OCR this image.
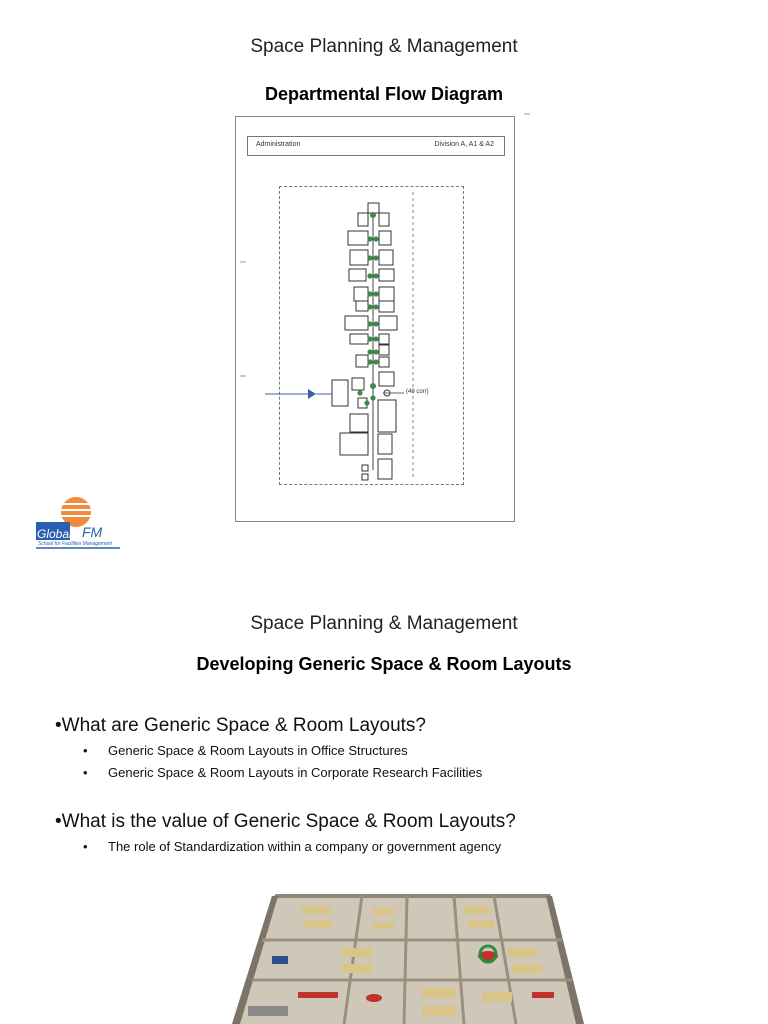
Space Planning & Management
Departmental Flow Diagram
Administration	Division A, A1 & A2
(40 corr)
Global FM
School for Facilities Management
Space Planning & Management
Developing Generic Space & Room Layouts
•What are Generic Space & Room Layouts?
• Generic Space & Room Layouts in Office Structures
• Generic Space & Room Layouts in Corporate Research Facilities
•What is the value of Generic Space & Room Layouts?
• The role of Standardization within a company or government agency
